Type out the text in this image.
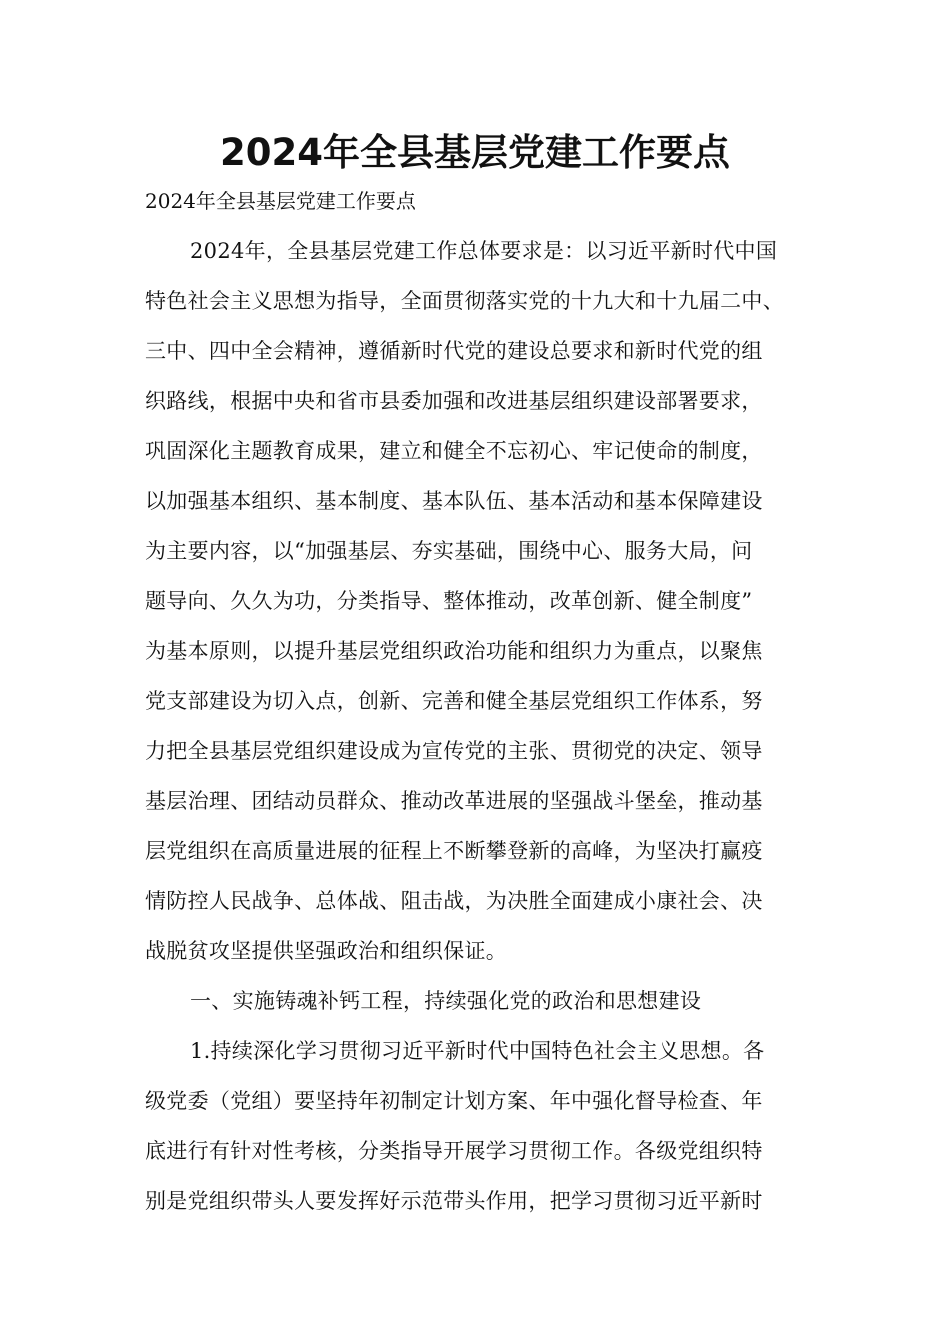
2024年全县基层党建工作要点

2024年全县基层党建工作要点

2024年，全县基层党建工作总体要求是：以习近平新时代中国

特色社会主义思想为指导，全面贯彻落实党的十九大和十九届二中、

三中、四中全会精神，遵循新时代党的建设总要求和新时代党的组

织路线，根据中央和省市县委加强和改进基层组织建设部署要求，

巩固深化主题教育成果，建立和健全不忘初心、牢记使命的制度，

以加强基本组织、基本制度、基本队伍、基本活动和基本保障建设

为主要内容，以“加强基层、夯实基础，围绕中心、服务大局，问

题导向、久久为功，分类指导、整体推动，改革创新、健全制度”

为基本原则，以提升基层党组织政治功能和组织力为重点，以聚焦

党支部建设为切入点，创新、完善和健全基层党组织工作体系，努

力把全县基层党组织建设成为宣传党的主张、贯彻党的决定、领导

基层治理、团结动员群众、推动改革进展的坚强战斗堡垒，推动基

层党组织在高质量进展的征程上不断攀登新的高峰，为坚决打赢疫

情防控人民战争、总体战、阻击战，为决胜全面建成小康社会、决

战脱贫攻坚提供坚强政治和组织保证。

一、实施铸魂补钙工程，持续强化党的政治和思想建设

1.持续深化学习贯彻习近平新时代中国特色社会主义思想。各

级党委（党组）要坚持年初制定计划方案、年中强化督导检查、年

底进行有针对性考核，分类指导开展学习贯彻工作。各级党组织特

别是党组织带头人要发挥好示范带头作用，把学习贯彻习近平新时
